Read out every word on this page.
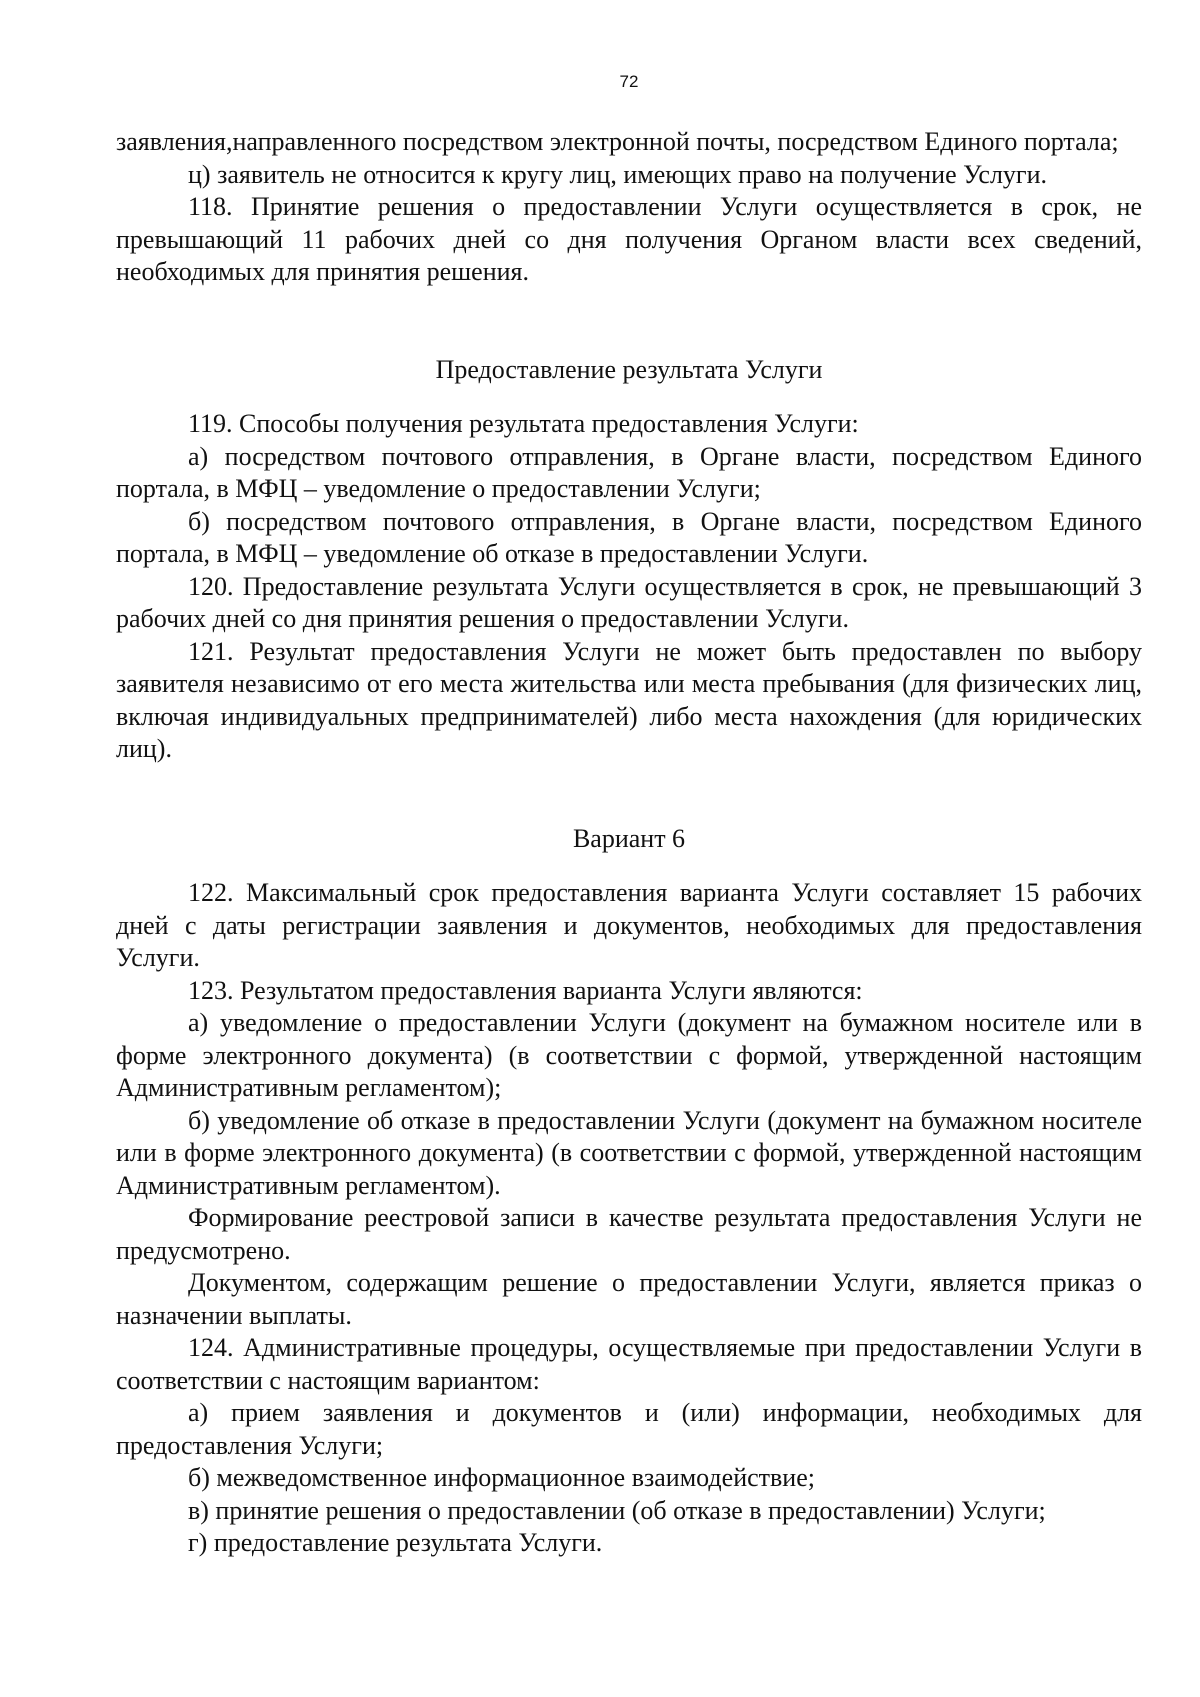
72

заявления,направленного посредством электронной почты, посредством Единого портала;

ц) заявитель не относится к кругу лиц, имеющих право на получение Услуги.

118. Принятие решения о предоставлении Услуги осуществляется в срок, не превышающий 11 рабочих дней со дня получения Органом власти всех сведений, необходимых для принятия решения.

Предоставление результата Услуги

119. Способы получения результата предоставления Услуги:

а) посредством почтового отправления, в Органе власти, посредством Единого портала, в МФЦ – уведомление о предоставлении Услуги;

б) посредством почтового отправления, в Органе власти, посредством Единого портала, в МФЦ – уведомление об отказе в предоставлении Услуги.

120. Предоставление результата Услуги осуществляется в срок, не превышающий 3 рабочих дней со дня принятия решения о предоставлении Услуги.

121. Результат предоставления Услуги не может быть предоставлен по выбору заявителя независимо от его места жительства или места пребывания (для физических лиц, включая индивидуальных предпринимателей) либо места нахождения (для юридических лиц).

Вариант 6

122. Максимальный срок предоставления варианта Услуги составляет 15 рабочих дней с даты регистрации заявления и документов, необходимых для предоставления Услуги.

123. Результатом предоставления варианта Услуги являются:

а) уведомление о предоставлении Услуги (документ на бумажном носителе или в форме электронного документа) (в соответствии с формой, утвержденной настоящим Административным регламентом);

б) уведомление об отказе в предоставлении Услуги (документ на бумажном носителе или в форме электронного документа) (в соответствии с формой, утвержденной настоящим Административным регламентом).

Формирование реестровой записи в качестве результата предоставления Услуги не предусмотрено.

Документом, содержащим решение о предоставлении Услуги, является приказ о назначении выплаты.

124. Административные процедуры, осуществляемые при предоставлении Услуги в соответствии с настоящим вариантом:

а) прием заявления и документов и (или) информации, необходимых для предоставления Услуги;

б) межведомственное информационное взаимодействие;

в) принятие решения о предоставлении (об отказе в предоставлении) Услуги;

г) предоставление результата Услуги.
